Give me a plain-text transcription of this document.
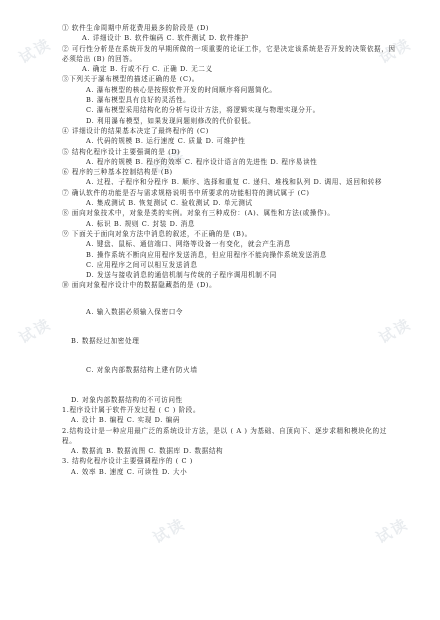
试读	试读
试读
试读	试读
试读	试读
① 软件生命周期中所花费用最多的阶段是 (D)
A. 详细设计 B. 软件编码 C. 软件测试 D. 软件维护
② 可行性分析是在系统开发的早期所做的一项重要的论证工作，它是决定该系统是否开发的决策依据，因必须给出 (B) 的回答。
A. 确定 B. 行或不行 C. 正确 D. 无二义
③下列关于瀑布模型的描述正确的是 (C)。
A. 瀑布模型的核心是按照软件开发的时间顺序将问题简化。
B. 瀑布模型具有良好的灵活性。
C. 瀑布模型采用结构化的分析与设计方法，将逻辑实现与物理实现分开。
D. 利用瀑布模型，如果发现问题则修改的代价很低。
④ 详细设计的结果基本决定了最终程序的 (C)
A. 代码的规模 B. 运行速度 C. 质量 D. 可维护性
⑤ 结构化程序设计主要强调的是 (D)
A. 程序的规模 B. 程序的效率 C. 程序设计语言的先进性 D. 程序易读性
⑥ 程序的三种基本控制结构是 (B)
A. 过程、子程序和分程序 B. 顺序、选择和重复 C. 递归、堆栈和队列 D. 调用、返回和转移
⑦ 确认软件的功能是否与需求规格说明书中所要求的功能相符的测试属于 (C)
A. 集成测试 B. 恢复测试 C. 验收测试 D. 单元测试
⑧ 面向对象技术中，对象是类的实例。对象有三种成份：(A)、属性和方法(或操作)。
A. 标识 B. 规则 C. 封装 D. 消息
⑨ 下面关于面向对象方法中消息的叙述，不正确的是 (B)。
A. 键盘、鼠标、通信端口、网络等设备一有变化，就会产生消息
B. 操作系统不断向应用程序发送消息，但应用程序不能向操作系统发送消息
C. 应用程序之间可以相互发送消息
D. 发送与接收消息的通信机制与传统的子程序调用机制不同
⑩ 面向对象程序设计中的数据隐藏指的是 (D)。
A. 输入数据必须输入保密口令
B. 数据经过加密处理
C. 对象内部数据结构上建有防火墙
D. 对象内部数据结构的不可访问性
1.程序设计属于软件开发过程 ( C ) 阶段。
A. 设计 B. 编程 C. 实现 D. 编码
2.结构设计是一种应用最广泛的系统设计方法，是以 ( A ) 为基础、自顶向下、逐步求精和模块化的过程。
A. 数据流 B. 数据流图 C. 数据库 D. 数据结构
3. 结构化程序设计主要强调程序的 ( C )
A. 效率 B. 速度 C. 可读性 D. 大小
